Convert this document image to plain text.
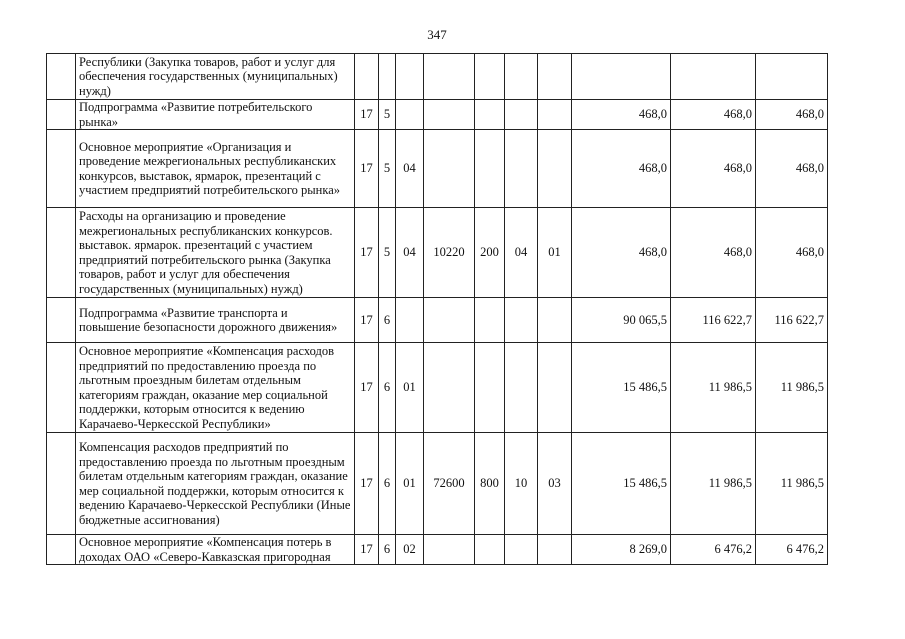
347
	Республики (Закупка товаров, работ и услуг для обеспечения государственных (муниципальных) нужд)										
	Подпрограмма «Развитие потребительского рынка»	17	5						468,0	468,0	468,0
	Основное мероприятие «Организация и проведение межрегиональных республиканских конкурсов, выставок, ярмарок, презентаций с участием предприятий потребительского рынка»	17	5	04					468,0	468,0	468,0
	Расходы на организацию и проведение межрегиональных республиканских конкурсов. выставок. ярмарок. презентаций с участием предприятий потребительского рынка (Закупка товаров, работ и услуг для обеспечения государственных (муниципальных) нужд)	17	5	04	10220	200	04	01	468,0	468,0	468,0
	Подпрограмма «Развитие транспорта и повышение безопасности дорожного движения»	17	6						90 065,5	116 622,7	116 622,7
	Основное мероприятие «Компенсация расходов предприятий по предоставлению проезда по льготным проездным билетам отдельным категориям граждан, оказание мер социальной поддержки, которым относится к ведению Карачаево-Черкесской Республики»	17	6	01					15 486,5	11 986,5	11 986,5
	Компенсация расходов предприятий по предоставлению проезда по льготным проездным билетам отдельным категориям граждан, оказание мер социальной поддержки, которым относится к ведению Карачаево-Черкесской Республики (Иные бюджетные ассигнования)	17	6	01	72600	800	10	03	15 486,5	11 986,5	11 986,5
	Основное мероприятие «Компенсация потерь в доходах ОАО «Северо-Кавказская пригородная	17	6	02					8 269,0	6 476,2	6 476,2
